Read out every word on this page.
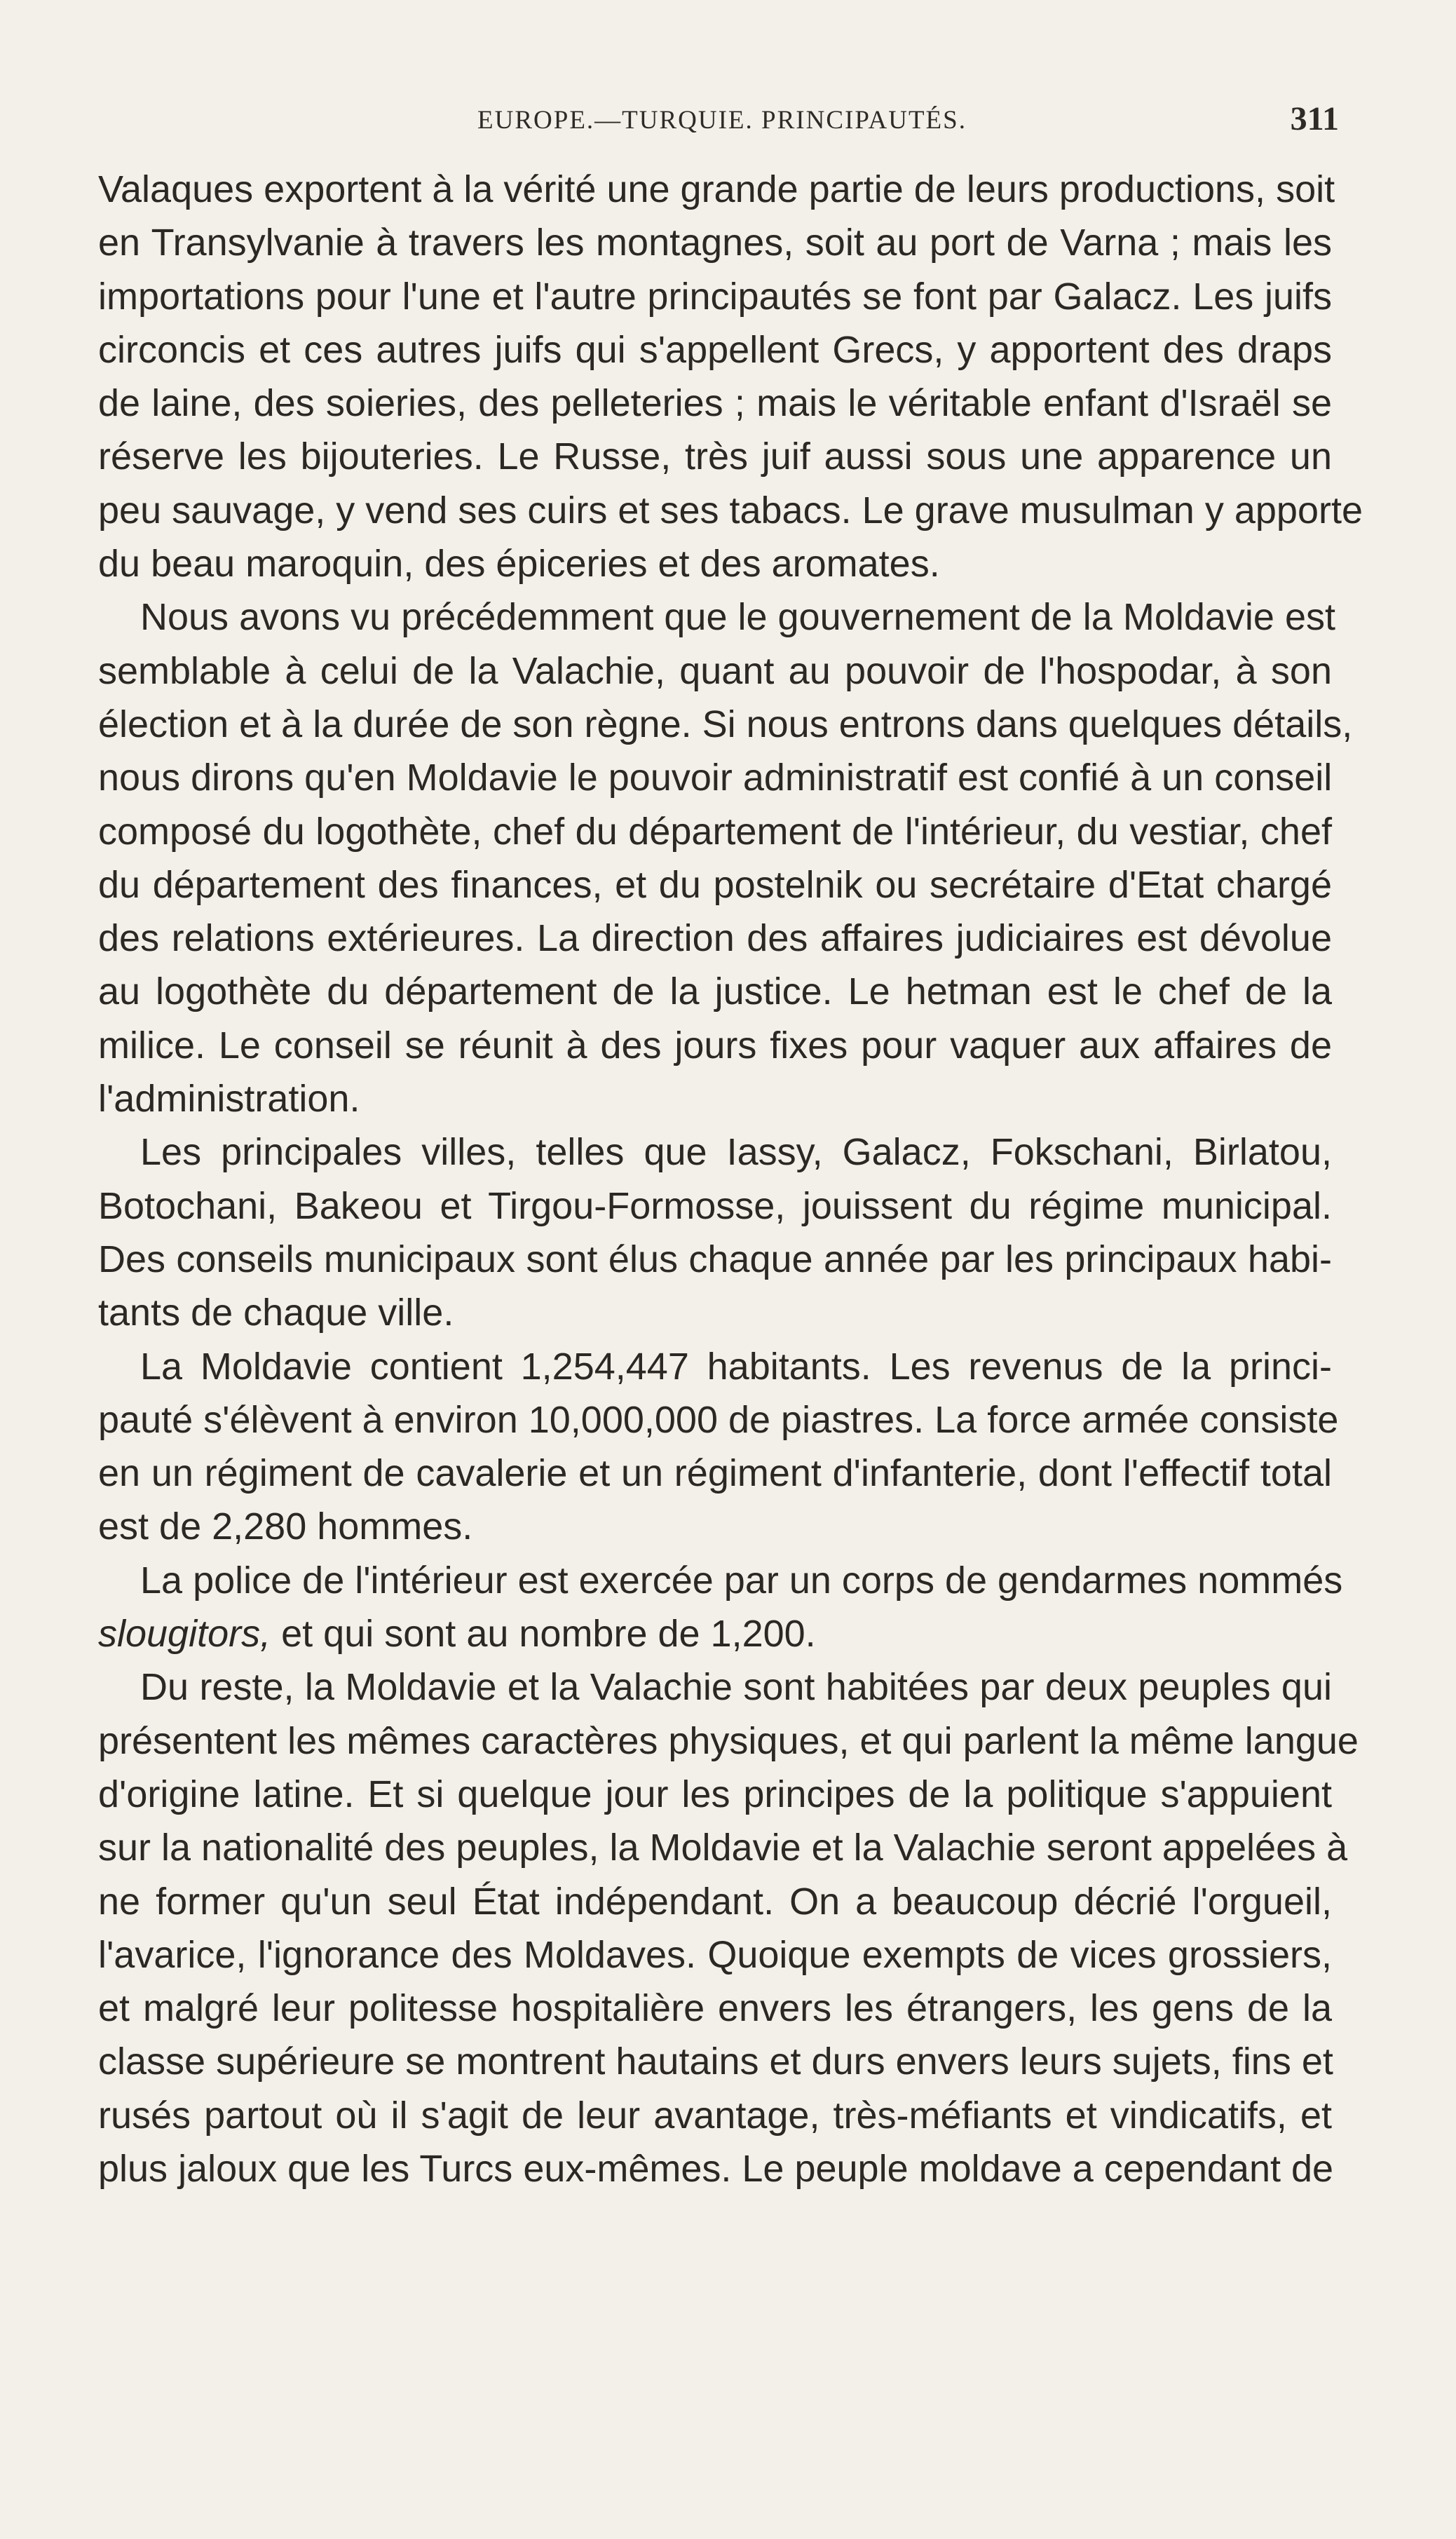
EUROPE.—TURQUIE. PRINCIPAUTÉS.	311
Valaques exportent à la vérité une grande partie de leurs productions, soit
en Transylvanie à travers les montagnes, soit au port de Varna ; mais les
importations pour l'une et l'autre principautés se font par Galacz. Les juifs
circoncis et ces autres juifs qui s'appellent Grecs, y apportent des draps
de laine, des soieries, des pelleteries ; mais le véritable enfant d'Israël se
réserve les bijouteries. Le Russe, très juif aussi sous une apparence un
peu sauvage, y vend ses cuirs et ses tabacs. Le grave musulman y apporte
du beau maroquin, des épiceries et des aromates.
Nous avons vu précédemment que le gouvernement de la Moldavie est
semblable à celui de la Valachie, quant au pouvoir de l'hospodar, à son
élection et à la durée de son règne. Si nous entrons dans quelques détails,
nous dirons qu'en Moldavie le pouvoir administratif est confié à un conseil
composé du logothète, chef du département de l'intérieur, du vestiar, chef
du département des finances, et du postelnik ou secrétaire d'Etat chargé
des relations extérieures. La direction des affaires judiciaires est dévolue
au logothète du département de la justice. Le hetman est le chef de la
milice. Le conseil se réunit à des jours fixes pour vaquer aux affaires de
l'administration.
Les principales villes, telles que Iassy, Galacz, Fokschani, Birlatou,
Botochani, Bakeou et Tirgou-Formosse, jouissent du régime municipal.
Des conseils municipaux sont élus chaque année par les principaux habi-
tants de chaque ville.
La Moldavie contient 1,254,447 habitants. Les revenus de la princi-
pauté s'élèvent à environ 10,000,000 de piastres. La force armée consiste
en un régiment de cavalerie et un régiment d'infanterie, dont l'effectif total
est de 2,280 hommes.
La police de l'intérieur est exercée par un corps de gendarmes nommés
slougitors, et qui sont au nombre de 1,200.
Du reste, la Moldavie et la Valachie sont habitées par deux peuples qui
présentent les mêmes caractères physiques, et qui parlent la même langue
d'origine latine. Et si quelque jour les principes de la politique s'appuient
sur la nationalité des peuples, la Moldavie et la Valachie seront appelées à
ne former qu'un seul État indépendant. On a beaucoup décrié l'orgueil,
l'avarice, l'ignorance des Moldaves. Quoique exempts de vices grossiers,
et malgré leur politesse hospitalière envers les étrangers, les gens de la
classe supérieure se montrent hautains et durs envers leurs sujets, fins et
rusés partout où il s'agit de leur avantage, très-méfiants et vindicatifs, et
plus jaloux que les Turcs eux-mêmes. Le peuple moldave a cependant de
